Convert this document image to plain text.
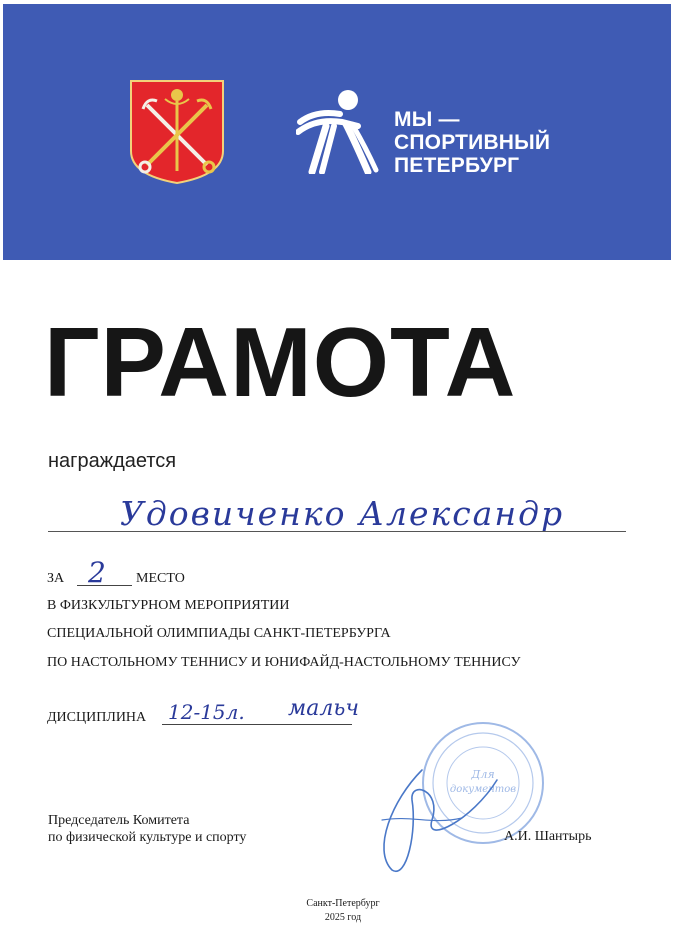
МЫ —
СПОРТИВНЫЙ
ПЕТЕРБУРГ
ГРАМОТА
награждается
Удовиченко Александр
ЗА 2 МЕСТО
В ФИЗКУЛЬТУРНОМ МЕРОПРИЯТИИ
СПЕЦИАЛЬНОЙ ОЛИМПИАДЫ САНКТ-ПЕТЕРБУРГА
ПО НАСТОЛЬНОМУ ТЕННИСУ И ЮНИФАЙД-НАСТОЛЬНОМУ ТЕННИСУ
ДИСЦИПЛИНА 12-15л. мальч
Для
документов
Председатель Комитета
по физической культуре и спорту	А.И. Шантырь
Санкт-Петербург
2025 год
